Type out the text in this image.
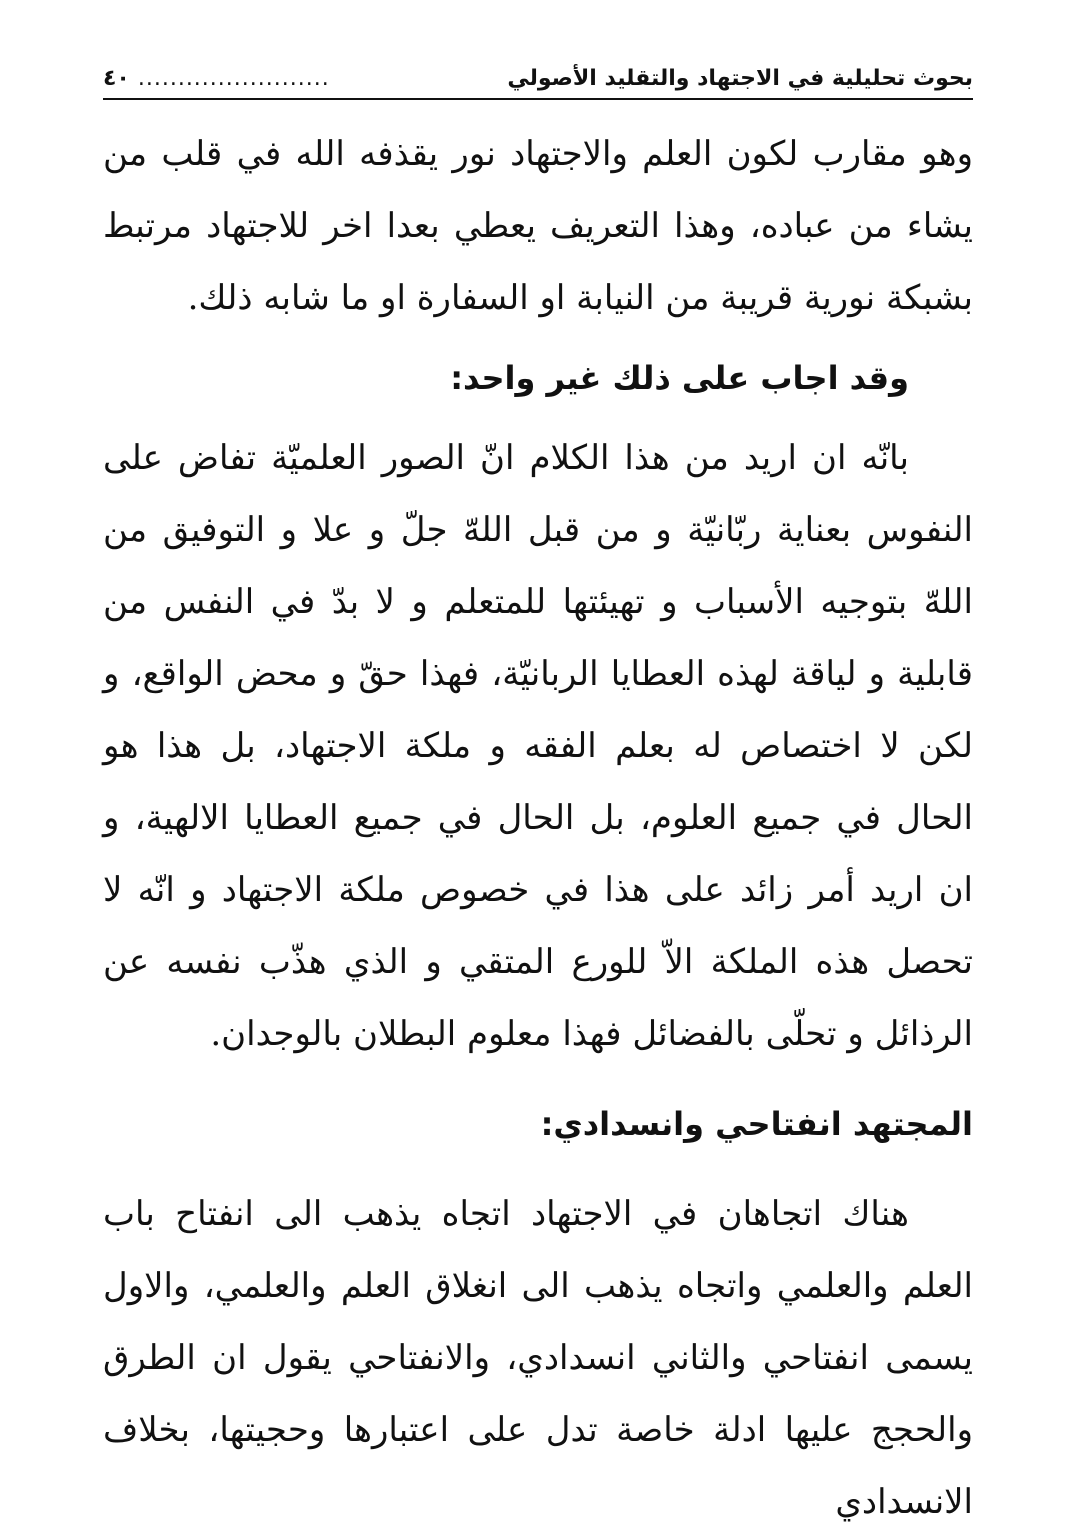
بحوث تحليلية في الاجتهاد والتقليد الأصولي
........................
٤٠

وهو مقارب لكون العلم والاجتهاد نور يقذفه الله في قلب من يشاء من عباده، وهذا التعريف يعطي بعدا اخر للاجتهاد مرتبط بشبكة نورية قريبة من النيابة او السفارة او ما شابه ذلك.

وقد اجاب على ذلك غير واحد:

بانّه ان اريد من هذا الكلام انّ الصور العلميّة تفاض على النفوس بعناية ربّانيّة و من قبل اللهّ جلّ و علا و التوفيق من اللهّ بتوجيه الأسباب و تهيئتها للمتعلم و لا بدّ في النفس من قابلية و لياقة لهذه العطايا الربانيّة، فهذا حقّ و محض الواقع، و لكن لا اختصاص له بعلم الفقه و ملكة الاجتهاد، بل هذا هو الحال في جميع العلوم، بل الحال في جميع العطايا الالهية، و ان اريد أمر زائد على هذا في خصوص ملكة الاجتهاد و انّه لا تحصل هذه الملكة الاّ للورع المتقي و الذي هذّب نفسه عن الرذائل و تحلّى بالفضائل فهذا معلوم البطلان بالوجدان.

المجتهد انفتاحي وانسدادي:

هناك اتجاهان في الاجتهاد اتجاه يذهب الى انفتاح باب العلم والعلمي واتجاه يذهب الى انغلاق العلم والعلمي، والاول يسمى انفتاحي والثاني انسدادي، والانفتاحي يقول ان الطرق والحجج عليها ادلة خاصة تدل على اعتبارها وحجيتها، بخلاف الانسدادي
